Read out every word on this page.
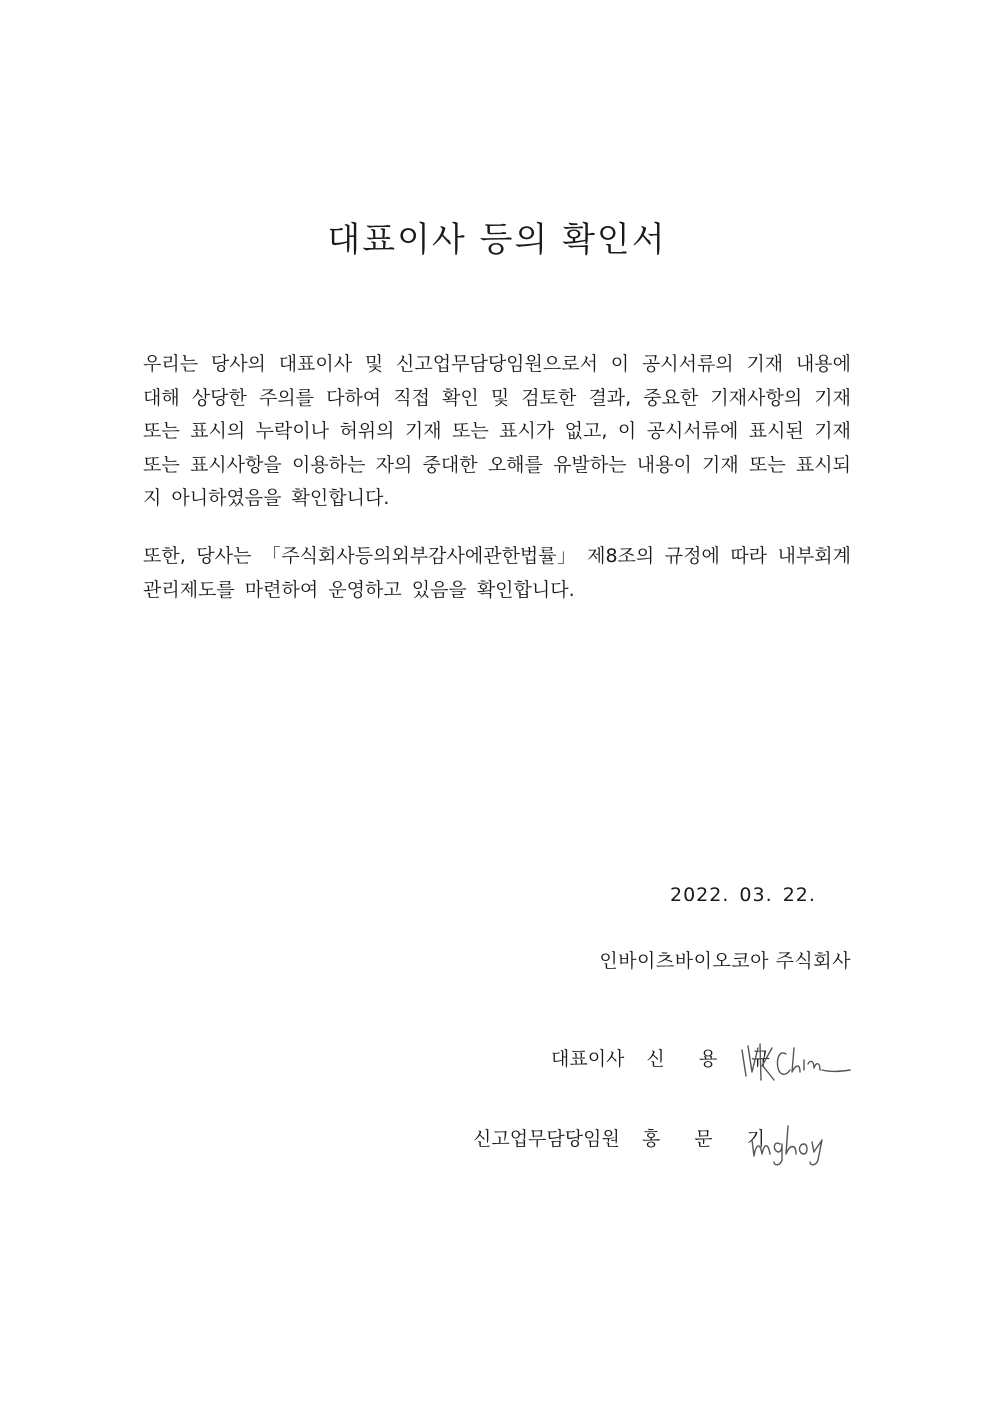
대표이사 등의 확인서

우리는 당사의 대표이사 및 신고업무담당임원으로서 이 공시서류의 기재 내용에 대해 상당한 주의를 다하여 직접 확인 및 검토한 결과, 중요한 기재사항의 기재 또는 표시의 누락이나 허위의 기재 또는 표시가 없고, 이 공시서류에 표시된 기재 또는 표시사항을 이용하는 자의 중대한 오해를 유발하는 내용이 기재 또는 표시되지 아니하였음을 확인합니다.

또한, 당사는 「주식회사등의외부감사에관한법률」 제8조의 규정에 따라 내부회계관리제도를 마련하여 운영하고 있음을 확인합니다.

2022. 03. 22.
인바이츠바이오코아 주식회사
대표이사 신 용 규
신고업무담당임원 홍 문 기
